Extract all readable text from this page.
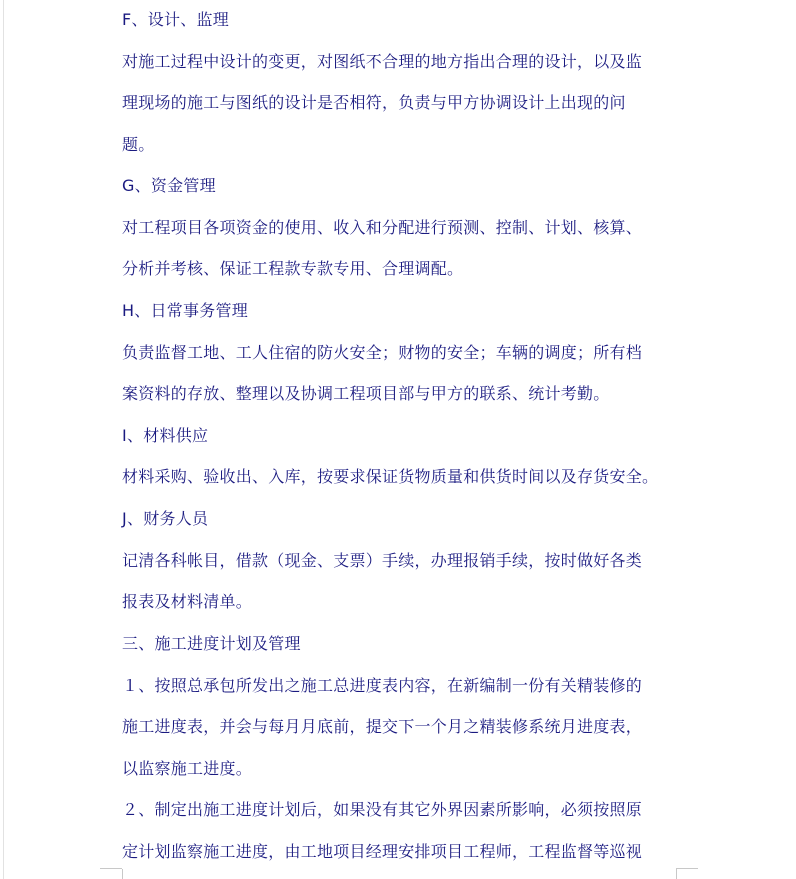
F、设计、监理
对施工过程中设计的变更，对图纸不合理的地方指出合理的设计，以及监
理现场的施工与图纸的设计是否相符，负责与甲方协调设计上出现的问
题。
G、资金管理
对工程项目各项资金的使用、收入和分配进行预测、控制、计划、核算、
分析并考核、保证工程款专款专用、合理调配。
H、日常事务管理
负责监督工地、工人住宿的防火安全；财物的安全；车辆的调度；所有档
案资料的存放、整理以及协调工程项目部与甲方的联系、统计考勤。
I、材料供应
材料采购、验收出、入库，按要求保证货物质量和供货时间以及存货安全。
J、财务人员
记清各科帐目，借款（现金、支票）手续，办理报销手续，按时做好各类
报表及材料清单。
三、施工进度计划及管理
１、按照总承包所发出之施工总进度表内容，在新编制一份有关精装修的
施工进度表，并会与每月月底前，提交下一个月之精装修系统月进度表，
以监察施工进度。
２、制定出施工进度计划后，如果没有其它外界因素所影响，必须按照原
定计划监察施工进度，由工地项目经理安排项目工程师，工程监督等巡视
